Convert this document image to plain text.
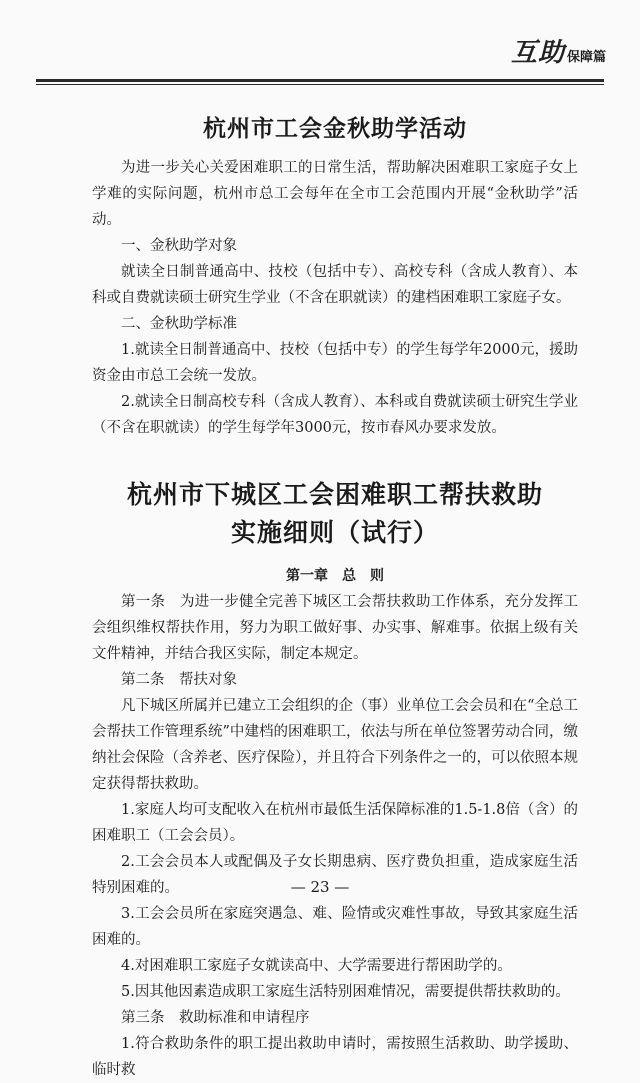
互助 保障篇
杭州市工会金秋助学活动

为进一步关心关爱困难职工的日常生活，帮助解决困难职工家庭子女上学难的实际问题，杭州市总工会每年在全市工会范围内开展“金秋助学”活动。

一、金秋助学对象

就读全日制普通高中、技校（包括中专）、高校专科（含成人教育）、本科或自费就读硕士研究生学业（不含在职就读）的建档困难职工家庭子女。

二、金秋助学标准

1.就读全日制普通高中、技校（包括中专）的学生每学年2000元，援助资金由市总工会统一发放。

2.就读全日制高校专科（含成人教育）、本科或自费就读硕士研究生学业（不含在职就读）的学生每学年3000元，按市春风办要求发放。

杭州市下城区工会困难职工帮扶救助
实施细则（试行）
第一章　总　则

第一条　为进一步健全完善下城区工会帮扶救助工作体系，充分发挥工会组织维权帮扶作用，努力为职工做好事、办实事、解难事。依据上级有关文件精神，并结合我区实际，制定本规定。

第二条　帮扶对象

凡下城区所属并已建立工会组织的企（事）业单位工会会员和在“全总工会帮扶工作管理系统”中建档的困难职工，依法与所在单位签署劳动合同，缴纳社会保险（含养老、医疗保险），并且符合下列条件之一的，可以依照本规定获得帮扶救助。

1.家庭人均可支配收入在杭州市最低生活保障标准的1.5-1.8倍（含）的困难职工（工会会员）。

2.工会会员本人或配偶及子女长期患病、医疗费负担重，造成家庭生活特别困难的。

3.工会会员所在家庭突遇急、难、险情或灾难性事故，导致其家庭生活困难的。

4.对困难职工家庭子女就读高中、大学需要进行帮困助学的。

5.因其他因素造成职工家庭生活特别困难情况，需要提供帮扶救助的。

第三条　救助标准和申请程序

1.符合救助条件的职工提出救助申请时，需按照生活救助、助学援助、临时救

— 23 —
